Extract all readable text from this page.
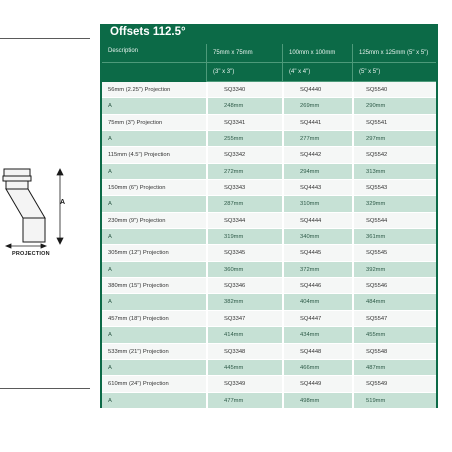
A
PROJECTION
Offsets 112.5°
Description	75mm x 75mm	100mm x 100mm	125mm x 125mm (5" x 5")
(3" x 3")	(4" x 4")	(5" x 5")
56mm (2.25") Projection	SQ3340	SQ4440	SQ5540
A	248mm	269mm	290mm
75mm (3") Projection	SQ3341	SQ4441	SQ5541
A	255mm	277mm	297mm
115mm (4.5") Projection	SQ3342	SQ4442	SQ5542
A	272mm	294mm	313mm
150mm (6") Projection	SQ3343	SQ4443	SQ5543
A	287mm	310mm	329mm
230mm (9") Projection	SQ3344	SQ4444	SQ5544
A	319mm	340mm	361mm
305mm (12") Projection	SQ3345	SQ4445	SQ5545
A	360mm	372mm	392mm
380mm (15") Projection	SQ3346	SQ4446	SQ5546
A	382mm	404mm	484mm
457mm (18") Projection	SQ3347	SQ4447	SQ5547
A	414mm	434mm	455mm
533mm (21") Projection	SQ3348	SQ4448	SQ5548
A	445mm	466mm	487mm
610mm (24") Projection	SQ3349	SQ4449	SQ5549
A	477mm	498mm	519mm
